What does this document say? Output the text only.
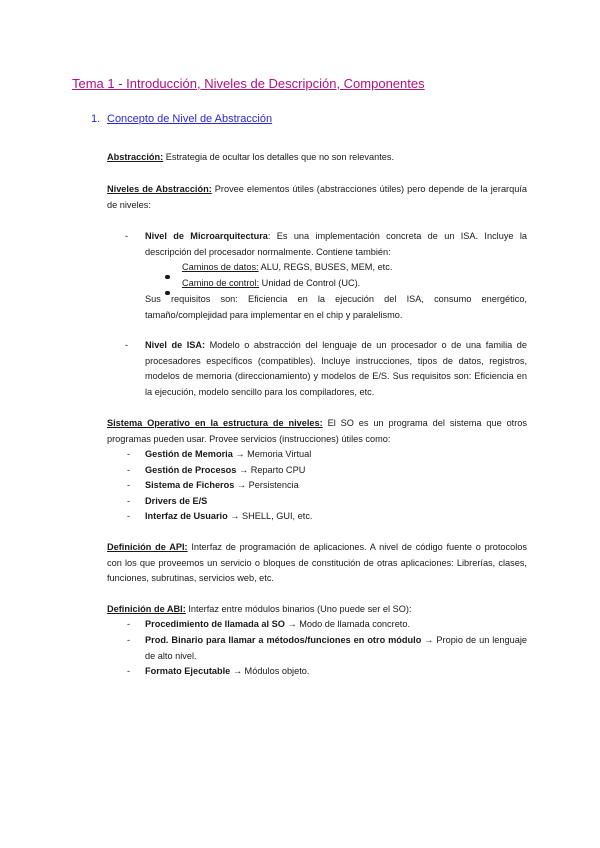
Tema 1 - Introducción, Niveles de Descripción, Componentes
1. Concepto de Nivel de Abstracción
Abstracción: Estrategia de ocultar los detalles que no son relevantes.
Niveles de Abstracción: Provee elementos útiles (abstracciones útiles) pero depende de la jerarquía de niveles:
- Nivel de Microarquitectura: Es una implementación concreta de un ISA. Incluye la descripción del procesador normalmente. Contiene también:
Caminos de datos: ALU, REGS, BUSES, MEM, etc.
Camino de control: Unidad de Control (UC).
Sus requisitos son: Eficiencia en la ejecución del ISA, consumo energético, tamaño/complejidad para implementar en el chip y paralelismo.
- Nivel de ISA: Modelo o abstracción del lenguaje de un procesador o de una familia de procesadores específicos (compatibles). Incluye instrucciones, tipos de datos, registros, modelos de memoria (direccionamiento) y modelos de E/S. Sus requisitos son: Eficiencia en la ejecución, modelo sencillo para los compiladores, etc.
Sistema Operativo en la estructura de niveles: El SO es un programa del sistema que otros programas pueden usar. Provee servicios (instrucciones) útiles como:
- Gestión de Memoria → Memoria Virtual
- Gestión de Procesos → Reparto CPU
- Sistema de Ficheros → Persistencia
- Drivers de E/S
- Interfaz de Usuario → SHELL, GUI, etc.
Definición de API: Interfaz de programación de aplicaciones. A nivel de código fuente o protocolos con los que proveemos un servicio o bloques de constitución de otras aplicaciones: Librerías, clases, funciones, subrutinas, servicios web, etc.
Definición de ABI: Interfaz entre módulos binarios (Uno puede ser el SO):
- Procedimiento de llamada al SO → Modo de llamada concreto.
- Prod. Binario para llamar a métodos/funciones en otro módulo → Propio de un lenguaje de alto nivel.
- Formato Ejecutable → Módulos objeto.
